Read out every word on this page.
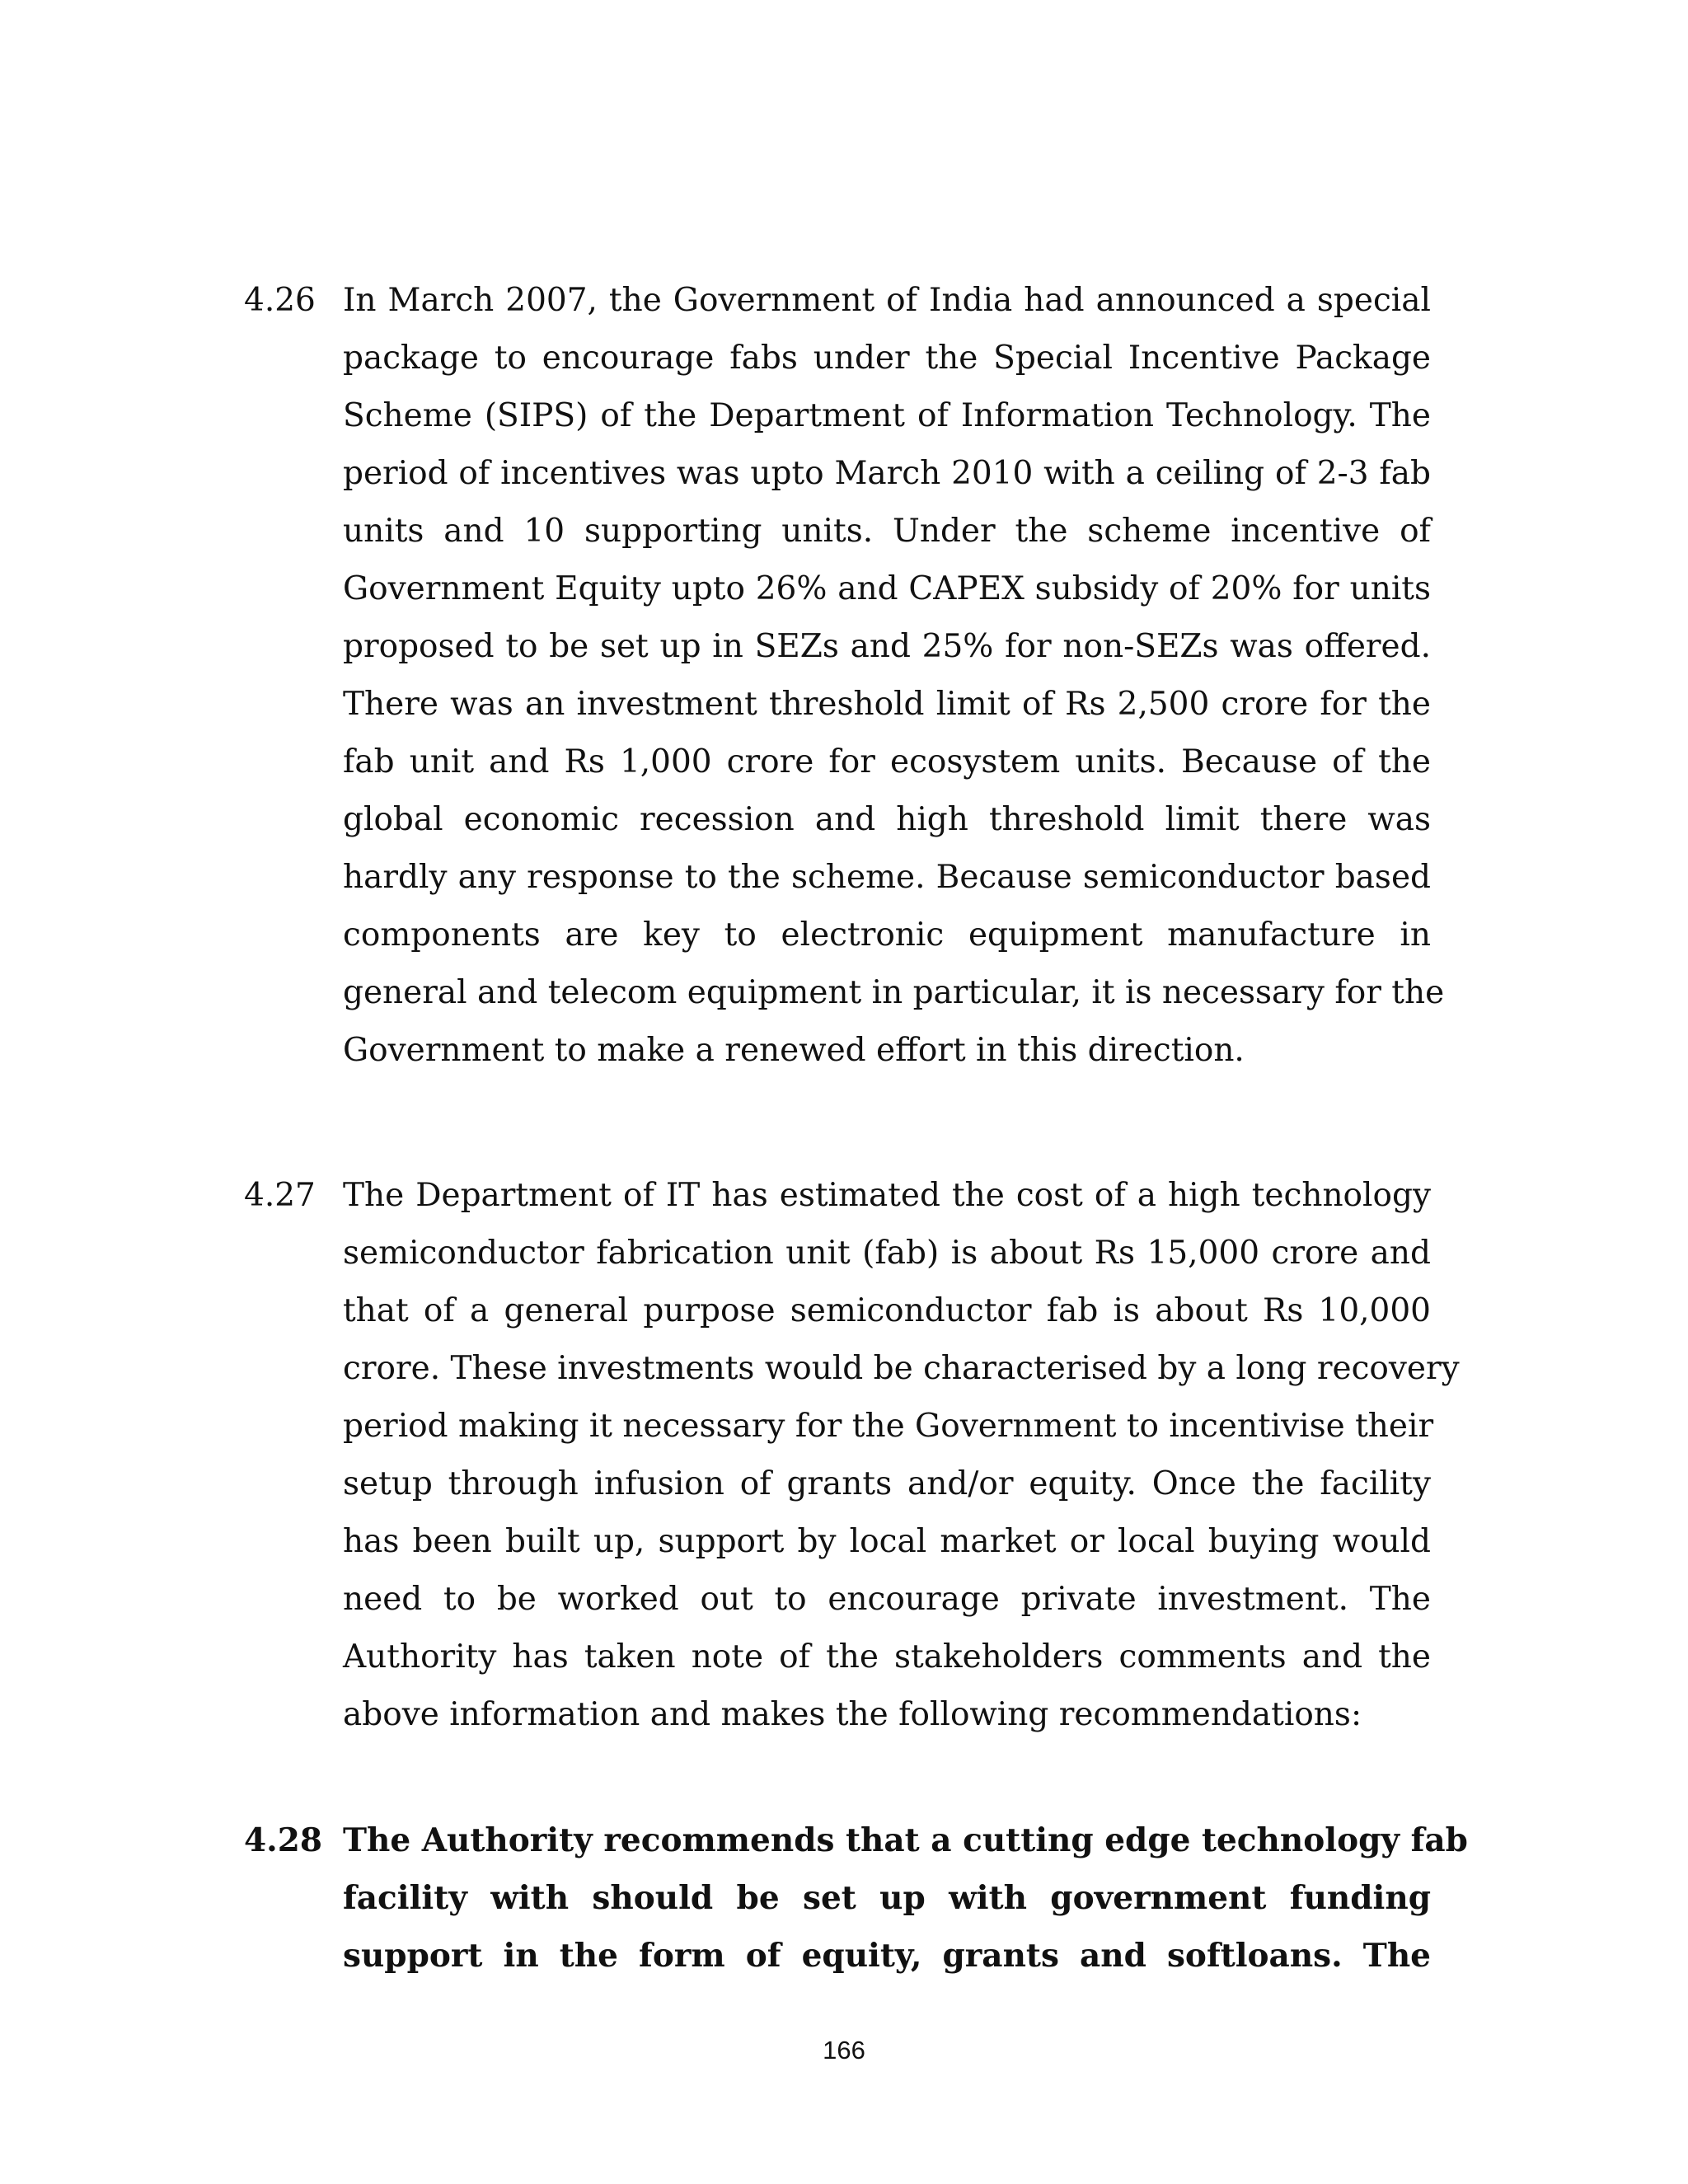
4.26 In March 2007, the Government of India had announced a special
package to encourage fabs under the Special Incentive Package
Scheme (SIPS) of the Department of Information Technology. The
period of incentives was upto March 2010 with a ceiling of 2-3 fab
units and 10 supporting units. Under the scheme incentive of
Government Equity upto 26% and CAPEX subsidy of 20% for units
proposed to be set up in SEZs and 25% for non-SEZs was offered.
There was an investment threshold limit of Rs 2,500 crore for the
fab unit and Rs 1,000 crore for ecosystem units. Because of the
global economic recession and high threshold limit there was
hardly any response to the scheme. Because semiconductor based
components are key to electronic equipment manufacture in
general and telecom equipment in particular, it is necessary for the
Government to make a renewed effort in this direction.
4.27 The Department of IT has estimated the cost of a high technology
semiconductor fabrication unit (fab) is about Rs 15,000 crore and
that of a general purpose semiconductor fab is about Rs 10,000
crore. These investments would be characterised by a long recovery
period making it necessary for the Government to incentivise their
setup through infusion of grants and/or equity. Once the facility
has been built up, support by local market or local buying would
need to be worked out to encourage private investment. The
Authority has taken note of the stakeholders comments and the
above information and makes the following recommendations:
4.28 The Authority recommends that a cutting edge technology fab
facility with should be set up with government funding
support in the form of equity, grants and softloans. The
166
